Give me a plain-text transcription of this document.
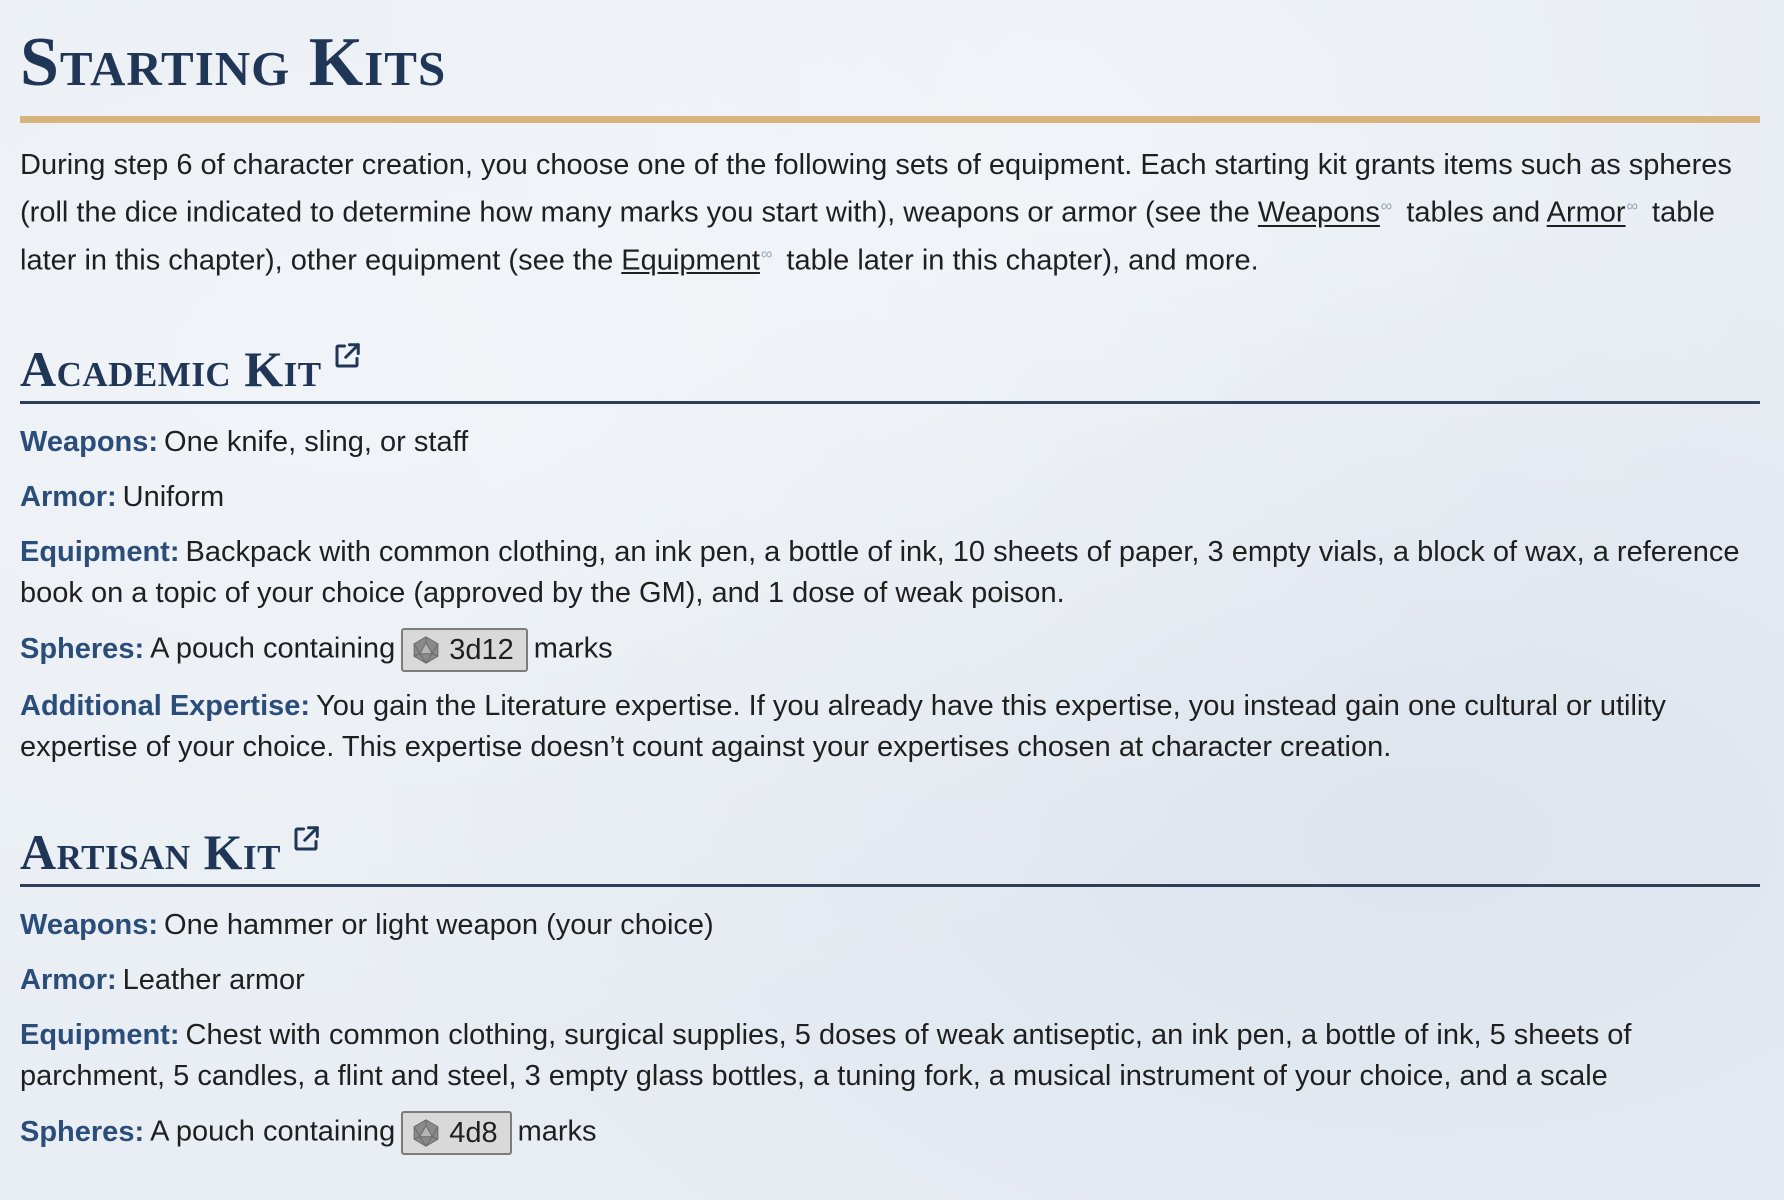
Starting Kits

During step 6 of character creation, you choose one of the following sets of equipment. Each starting kit grants items such as spheres (roll the dice indicated to determine how many marks you start with), weapons or armor (see the Weapons∞ tables and Armor∞ table later in this chapter), other equipment (see the Equipment∞ table later in this chapter), and more.

Academic Kit

Weapons: One knife, sling, or staff

Armor: Uniform

Equipment: Backpack with common clothing, an ink pen, a bottle of ink, 10 sheets of paper, 3 empty vials, a block of wax, a reference book on a topic of your choice (approved by the GM), and 1 dose of weak poison.

Spheres: A pouch containing 3d12 marks

Additional Expertise: You gain the Literature expertise. If you already have this expertise, you instead gain one cultural or utility expertise of your choice. This expertise doesn’t count against your expertises chosen at character creation.

Artisan Kit

Weapons: One hammer or light weapon (your choice)

Armor: Leather armor

Equipment: Chest with common clothing, surgical supplies, 5 doses of weak antiseptic, an ink pen, a bottle of ink, 5 sheets of parchment, 5 candles, a flint and steel, 3 empty glass bottles, a tuning fork, a musical instrument of your choice, and a scale

Spheres: A pouch containing 4d8 marks
